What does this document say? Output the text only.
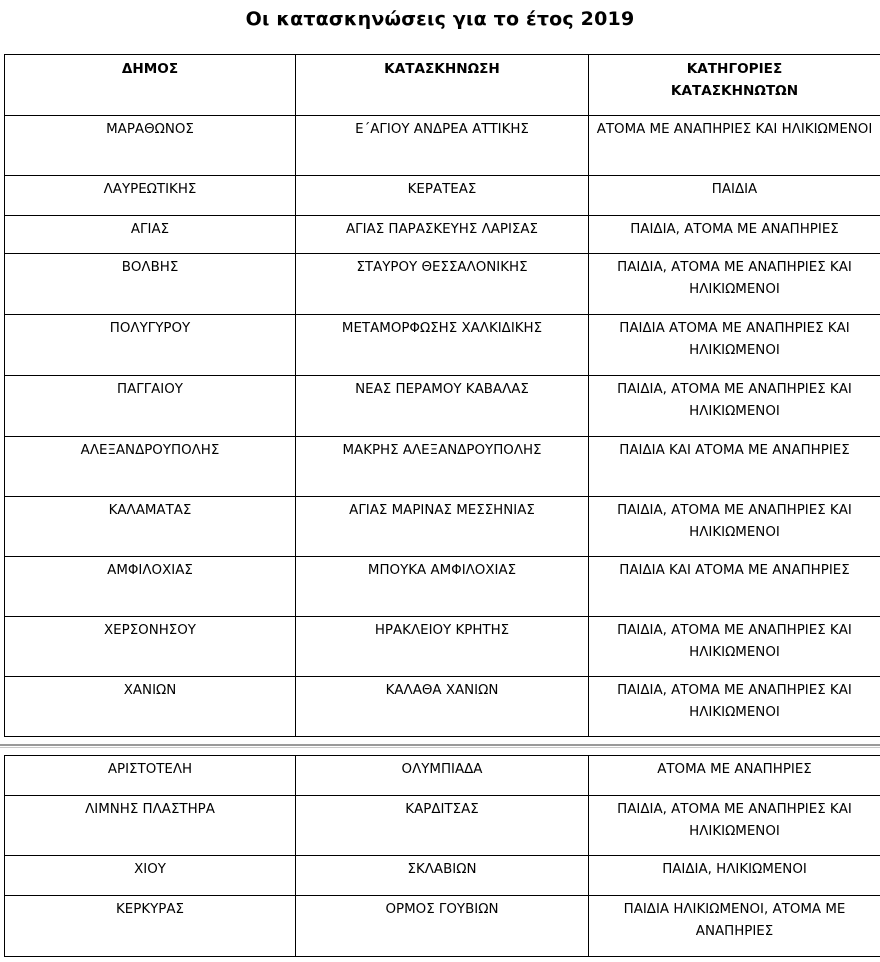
Οι κατασκηνώσεις για το έτος 2019
ΔΗΜΟΣ	ΚΑΤΑΣΚΗΝΩΣΗ	ΚΑΤΗΓΟΡΙΕΣ
ΚΑΤΑΣΚΗΝΩΤΩΝ
ΜΑΡΑΘΩΝΟΣ	Ε΄ΑΓΙΟΥ ΑΝΔΡΕΑ ΑΤΤΙΚΗΣ	ΑΤΟΜΑ ΜΕ ΑΝΑΠΗΡΙΕΣ ΚΑΙ ΗΛΙΚΙΩΜΕΝΟΙ
ΛΑΥΡΕΩΤΙΚΗΣ	ΚΕΡΑΤΕΑΣ	ΠΑΙΔΙΑ
ΑΓΙΑΣ	ΑΓΙΑΣ ΠΑΡΑΣΚΕΥΗΣ ΛΑΡΙΣΑΣ	ΠΑΙΔΙΑ, ΑΤΟΜΑ ΜΕ ΑΝΑΠΗΡΙΕΣ
ΒΟΛΒΗΣ	ΣΤΑΥΡΟΥ ΘΕΣΣΑΛΟΝΙΚΗΣ	ΠΑΙΔΙΑ, ΑΤΟΜΑ ΜΕ ΑΝΑΠΗΡΙΕΣ ΚΑΙ ΗΛΙΚΙΩΜΕΝΟΙ
ΠΟΛΥΓΥΡΟΥ	ΜΕΤΑΜΟΡΦΩΣΗΣ ΧΑΛΚΙΔΙΚΗΣ	ΠΑΙΔΙΑ ΑΤΟΜΑ ΜΕ ΑΝΑΠΗΡΙΕΣ ΚΑΙ ΗΛΙΚΙΩΜΕΝΟΙ
ΠΑΓΓΑΙΟΥ	ΝΕΑΣ ΠΕΡΑΜΟΥ ΚΑΒΑΛΑΣ	ΠΑΙΔΙΑ, ΑΤΟΜΑ ΜΕ ΑΝΑΠΗΡΙΕΣ ΚΑΙ ΗΛΙΚΙΩΜΕΝΟΙ
ΑΛΕΞΑΝΔΡΟΥΠΟΛΗΣ	ΜΑΚΡΗΣ ΑΛΕΞΑΝΔΡΟΥΠΟΛΗΣ	ΠΑΙΔΙΑ ΚΑΙ ΑΤΟΜΑ ΜΕ ΑΝΑΠΗΡΙΕΣ
ΚΑΛΑΜΑΤΑΣ	ΑΓΙΑΣ ΜΑΡΙΝΑΣ ΜΕΣΣΗΝΙΑΣ	ΠΑΙΔΙΑ, ΑΤΟΜΑ ΜΕ ΑΝΑΠΗΡΙΕΣ ΚΑΙ ΗΛΙΚΙΩΜΕΝΟΙ
ΑΜΦΙΛΟΧΙΑΣ	ΜΠΟΥΚΑ ΑΜΦΙΛΟΧΙΑΣ	ΠΑΙΔΙΑ ΚΑΙ ΑΤΟΜΑ ΜΕ ΑΝΑΠΗΡΙΕΣ
ΧΕΡΣΟΝΗΣΟΥ	ΗΡΑΚΛΕΙΟΥ ΚΡΗΤΗΣ	ΠΑΙΔΙΑ, ΑΤΟΜΑ ΜΕ ΑΝΑΠΗΡΙΕΣ ΚΑΙ ΗΛΙΚΙΩΜΕΝΟΙ
ΧΑΝΙΩΝ	ΚΑΛΑΘΑ ΧΑΝΙΩΝ	ΠΑΙΔΙΑ, ΑΤΟΜΑ ΜΕ ΑΝΑΠΗΡΙΕΣ ΚΑΙ ΗΛΙΚΙΩΜΕΝΟΙ
ΑΡΙΣΤΟΤΕΛΗ	ΟΛΥΜΠΙΑΔΑ	ΑΤΟΜΑ ΜΕ ΑΝΑΠΗΡΙΕΣ
ΛΙΜΝΗΣ ΠΛΑΣΤΗΡΑ	ΚΑΡΔΙΤΣΑΣ	ΠΑΙΔΙΑ, ΑΤΟΜΑ ΜΕ ΑΝΑΠΗΡΙΕΣ ΚΑΙ ΗΛΙΚΙΩΜΕΝΟΙ
ΧΙΟΥ	ΣΚΛΑΒΙΩΝ	ΠΑΙΔΙΑ, ΗΛΙΚΙΩΜΕΝΟΙ
ΚΕΡΚΥΡΑΣ	ΟΡΜΟΣ ΓΟΥΒΙΩΝ	ΠΑΙΔΙΑ ΗΛΙΚΙΩΜΕΝΟΙ, ΑΤΟΜΑ ΜΕ ΑΝΑΠΗΡΙΕΣ
